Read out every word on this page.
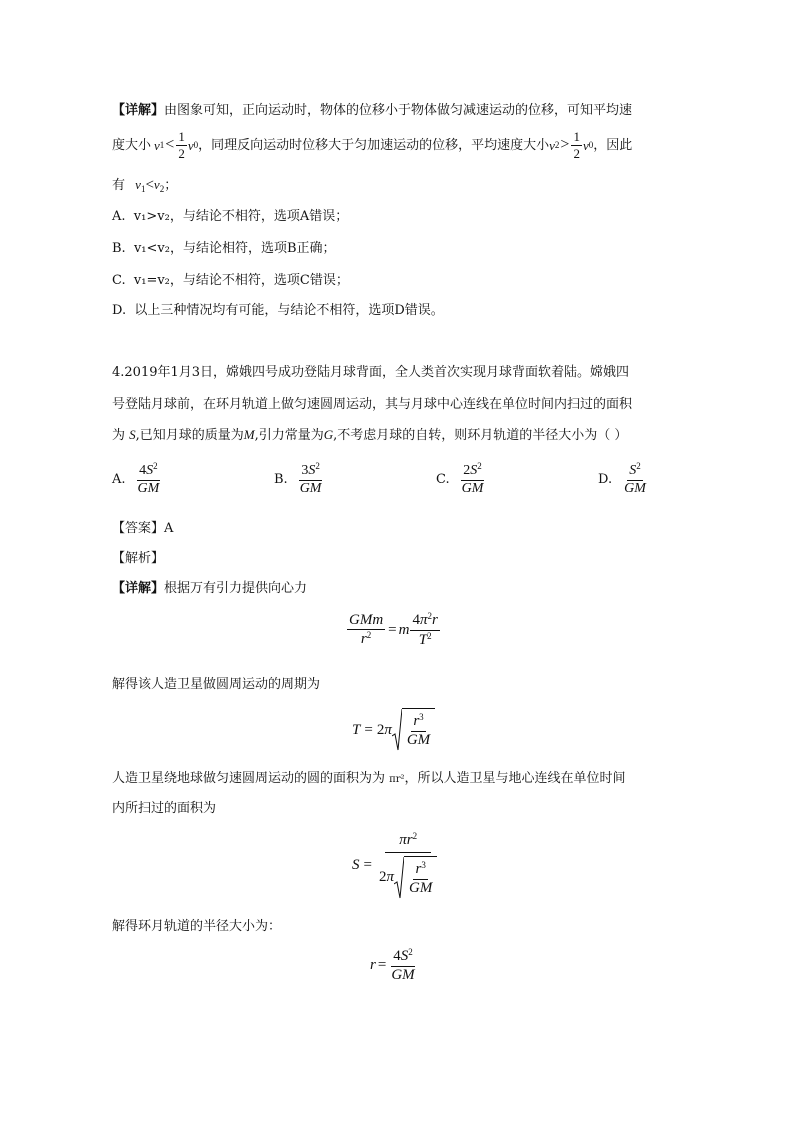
【详解】由图象可知，正向运动时，物体的位移小于物体做匀减速运动的位移，可知平均速
度大小 v $1 < \frac{1}{2}$ v 0 ，同理反向运动时位移大于匀加速运动的位移，平均速度大小 v $2 > \frac{1}{2}$ v 0 ，因此
有 $v_1<v_2$；
A. v₁>v₂，与结论不相符，选项A错误；
B. v₁<v₂，与结论相符，选项B正确；
C. v₁=v₂，与结论不相符，选项C错误；
D. 以上三种情况均有可能，与结论不相符，选项D错误。
4.2019年1月3日，嫦娥四号成功登陆月球背面，全人类首次实现月球背面软着陆。嫦娥四
号登陆月球前，在环月轨道上做匀速圆周运动，其与月球中心连线在单位时间内扫过的面积
为 S,已知月球的质量为M,引力常量为G,不考虑月球的自转，则环月轨道的半径大小为（ ）
A. $\frac{4S^2}{GM}$	B. $\frac{3S^2}{GM}$	C. $\frac{2S^2}{GM}$	D. $\frac{S^2}{GM}$
【答案】A
【解析】
【详解】根据万有引力提供向心力
$\frac{\text{GMm}}{r^2} = m \frac{4\pi^2r}{T^2}$
解得该人造卫星做圆周运动的周期为
T = 2 π $\frac{r^3}{GM}$
人造卫星绕地球做匀速圆周运动的圆的面积为为 πr²，所以人造卫星与地心连线在单位时间
内所扫过的面积为
$S = \frac{\pi r^2}{2 \pi \frac{r^3}{GM}}$
解得环月轨道的半径大小为：
$r = \frac{4S^2}{GM}$
